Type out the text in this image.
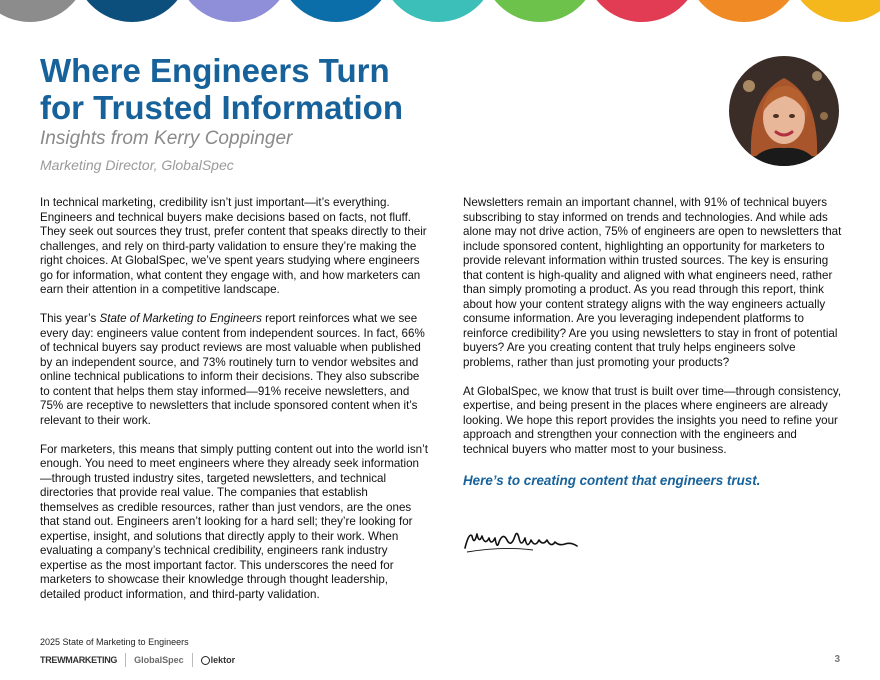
Where Engineers Turn
for Trusted Information
Insights from Kerry Coppinger
Marketing Director, GlobalSpec

In technical marketing, credibility isn’t just important—it’s everything. Engineers and technical buyers make decisions based on facts, not fluff. They seek out sources they trust, prefer content that speaks directly to their challenges, and rely on third-party validation to ensure they’re making the right choices. At GlobalSpec, we’ve spent years studying where engineers go for information, what content they engage with, and how marketers can earn their attention in a competitive landscape.

This year’s State of Marketing to Engineers report reinforces what we see every day: engineers value content from independent sources. In fact, 66% of technical buyers say product reviews are most valuable when published by an independent source, and 73% routinely turn to vendor websites and online technical publications to inform their decisions. They also subscribe to content that helps them stay informed—91% receive newsletters, and 75% are receptive to newsletters that include sponsored content when it’s relevant to their work.

For marketers, this means that simply putting content out into the world isn’t enough. You need to meet engineers where they already seek information—through trusted industry sites, targeted newsletters, and technical directories that provide real value. The companies that establish themselves as credible resources, rather than just vendors, are the ones that stand out. Engineers aren’t looking for a hard sell; they’re looking for expertise, insight, and solutions that directly apply to their work. When evaluating a company’s technical credibility, engineers rank industry expertise as the most important factor. This underscores the need for marketers to showcase their knowledge through thought leadership, detailed product information, and third-party validation.

Newsletters remain an important channel, with 91% of technical buyers subscribing to stay informed on trends and technologies. And while ads alone may not drive action, 75% of engineers are open to newsletters that include sponsored content, highlighting an opportunity for marketers to provide relevant information within trusted sources. The key is ensuring that content is high-quality and aligned with what engineers need, rather than simply promoting a product. As you read through this report, think about how your content strategy aligns with the way engineers actually consume information. Are you leveraging independent platforms to reinforce credibility? Are you using newsletters to stay in front of potential buyers? Are you creating content that truly helps engineers solve problems, rather than just promoting your products?

At GlobalSpec, we know that trust is built over time—through consistency, expertise, and being present in the places where engineers are already looking. We hope this report provides the insights you need to refine your approach and strengthen your connection with the engineers and technical buyers who matter most to your business.

Here’s to creating content that engineers trust.

2025 State of Marketing to Engineers
TREWMARKETING GlobalSpec	lektor	3
